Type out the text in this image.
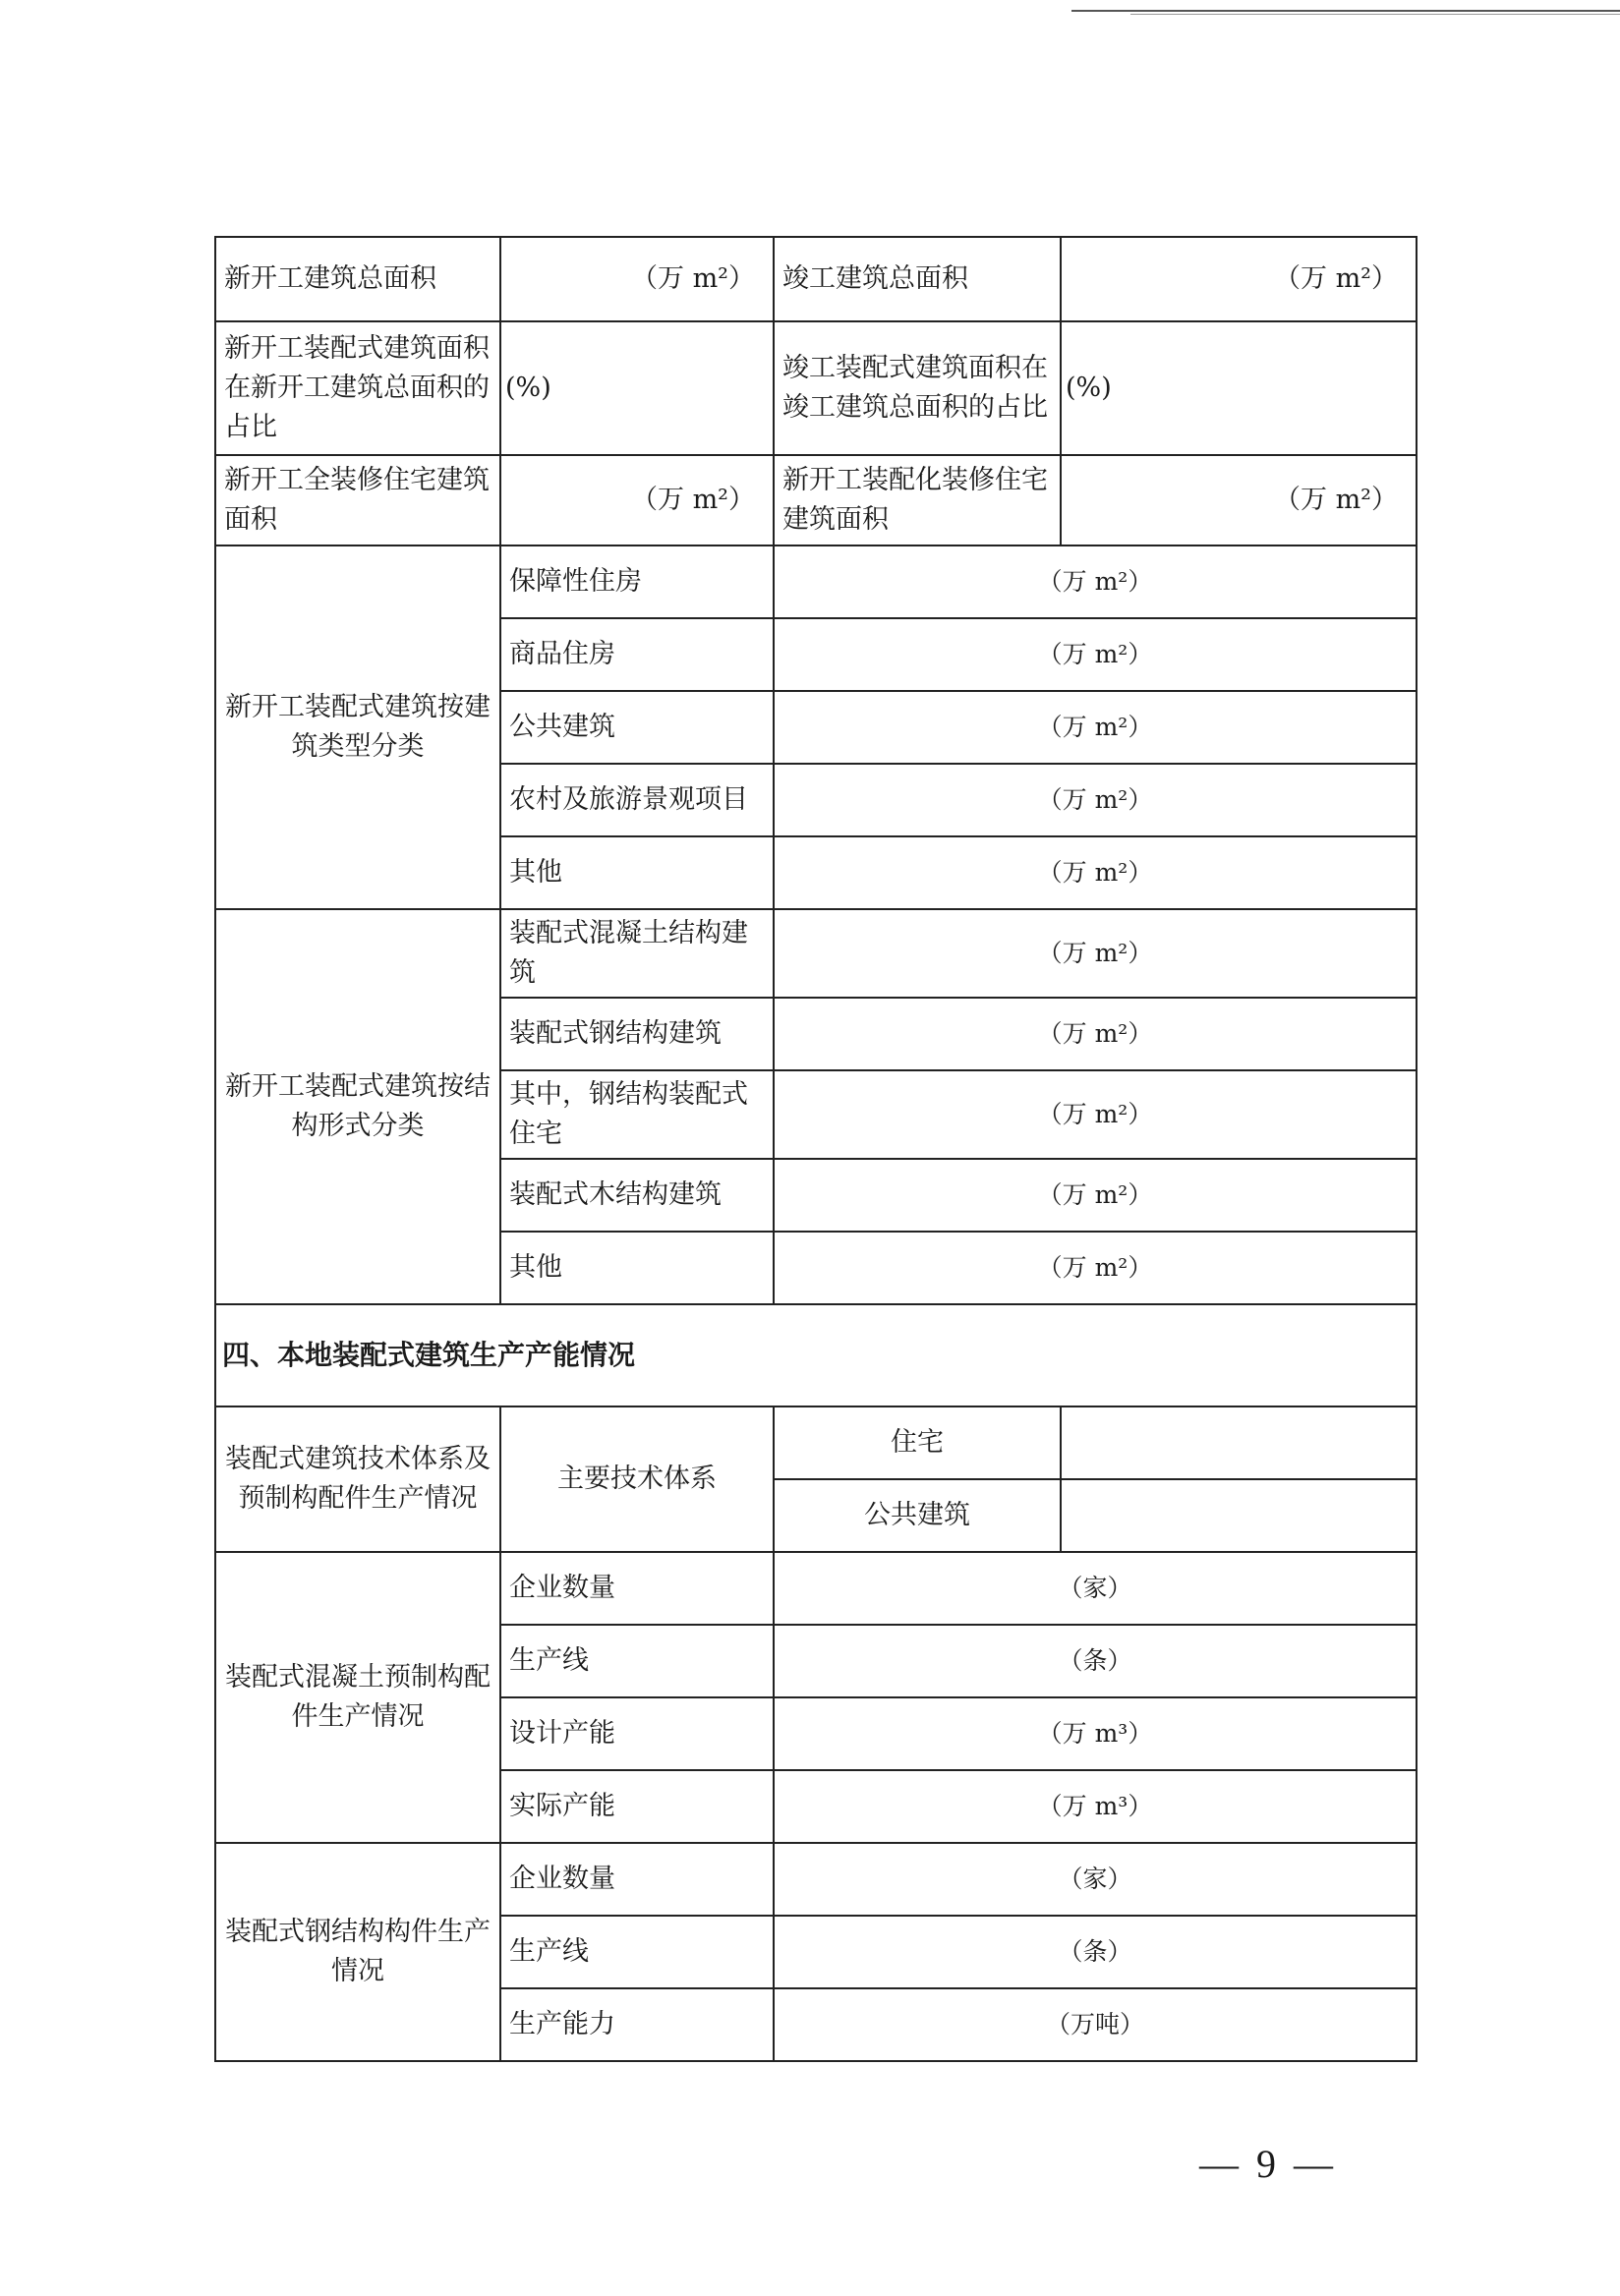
新开工建筑总面积	（万 m²）	竣工建筑总面积	（万 m²）
新开工装配式建筑面积在新开工建筑总面积的占比	(%)	竣工装配式建筑面积在竣工建筑总面积的占比	(%)
新开工全装修住宅建筑面积	（万 m²）	新开工装配化装修住宅建筑面积	（万 m²）
新开工装配式建筑按建筑类型分类	保障性住房	（万 m²）	
	商品住房	（万 m²）	
	公共建筑	（万 m²）	
	农村及旅游景观项目	（万 m²）	
	其他	（万 m²）	
新开工装配式建筑按结构形式分类	装配式混凝土结构建筑	（万 m²）	
	装配式钢结构建筑	（万 m²）	
	其中，钢结构装配式住宅	（万 m²）	
	装配式木结构建筑	（万 m²）	
	其他	（万 m²）	
四、本地装配式建筑生产产能情况			
装配式建筑技术体系及预制构配件生产情况	主要技术体系	住宅	
		公共建筑	
装配式混凝土预制构配件生产情况	企业数量	（家）	
	生产线	（条）	
	设计产能	（万 m³）	
	实际产能	（万 m³）	
装配式钢结构构件生产情况	企业数量	（家）	
	生产线	（条）	
	生产能力	（万吨）	
— 9 —
